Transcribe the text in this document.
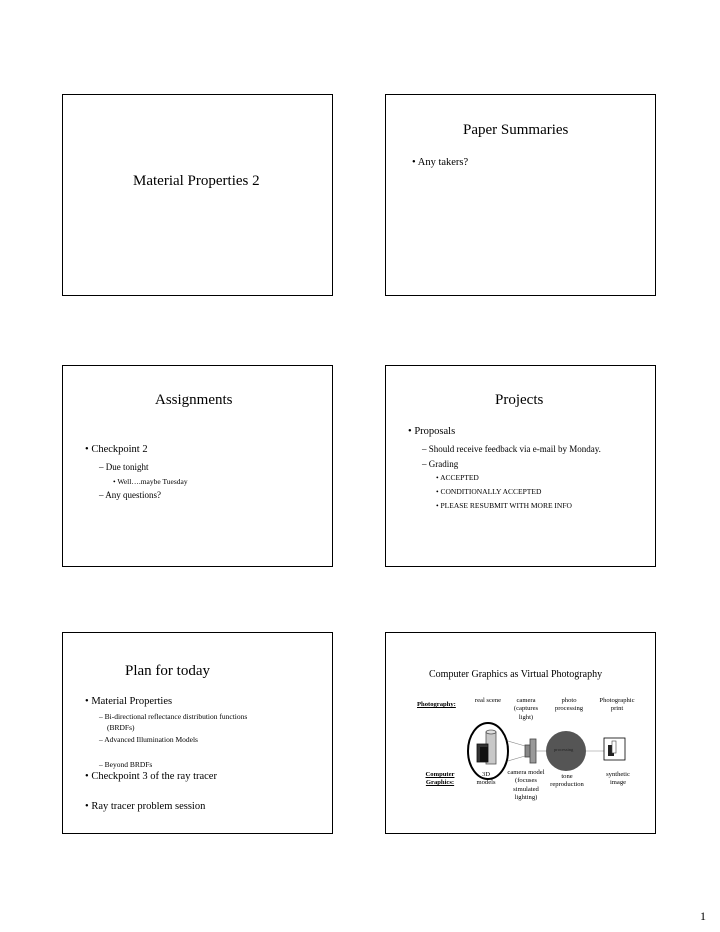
Material Properties 2
Paper Summaries
• Any takers?
Assignments
• Checkpoint 2
– Due tonight
• Well….maybe Tuesday
– Any questions?
Projects
• Proposals
– Should receive feedback via e-mail by Monday.
– Grading
• ACCEPTED
• CONDITIONALLY ACCEPTED
• PLEASE RESUBMIT WITH MORE INFO
Plan for today
• Material Properties
– Bi-directional reflectance distribution functions
(BRDFs)
– Advanced Illumination Models
– Beyond BRDFs
• Checkpoint 3 of the ray tracer
• Ray tracer problem session
Computer Graphics as Virtual Photography
Photography:
real scene	camera (captures light)
photo processing
Photographic print
processing
Computer Graphics:
3D models
camera model (focuses simulated lighting)
tone reproduction
synthetic image
1
